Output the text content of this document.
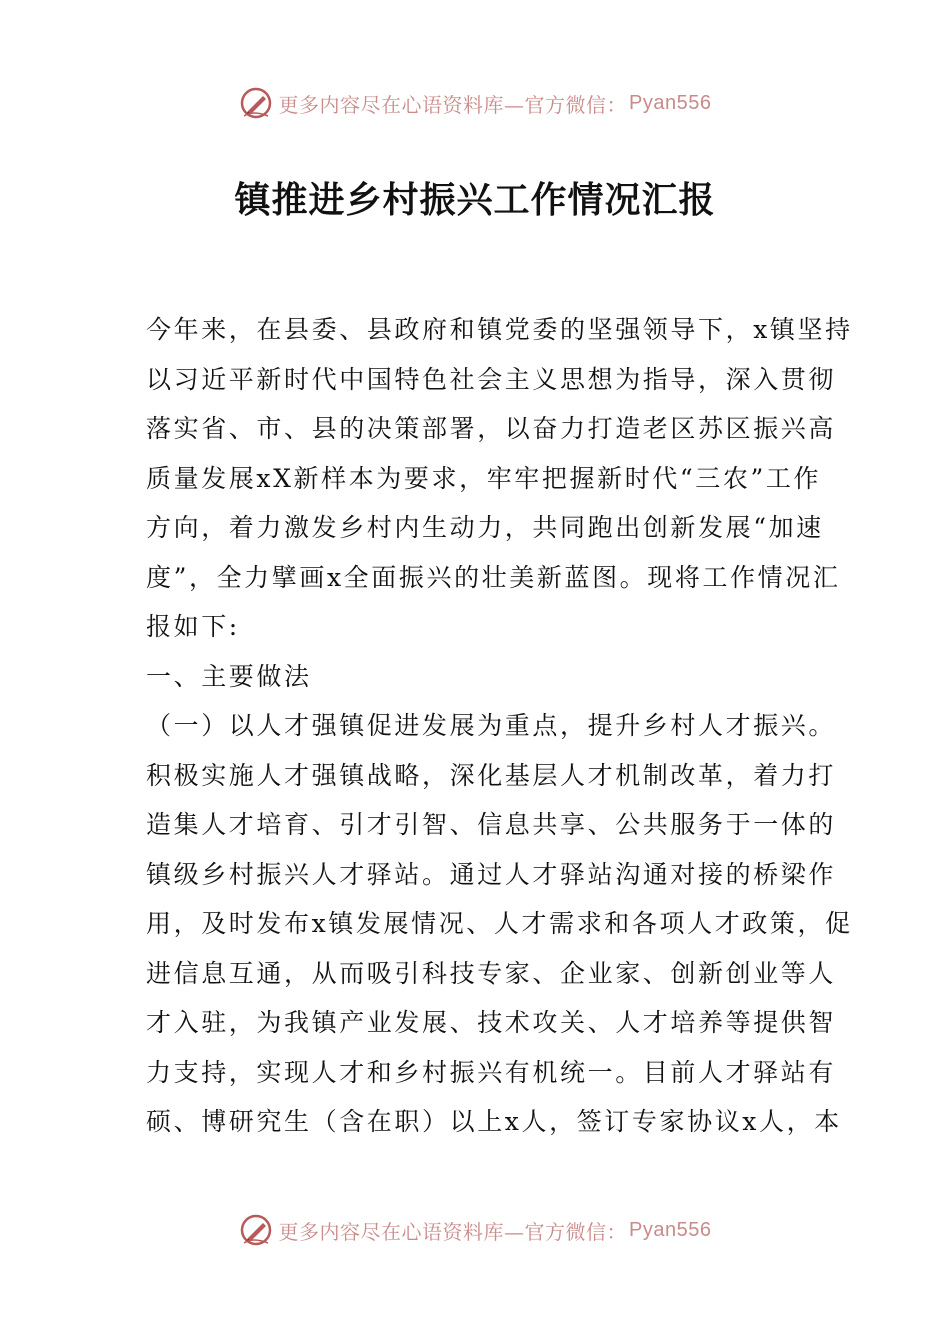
更多内容尽在心语资料库—官方微信： Pyan556
镇推进乡村振兴工作情况汇报
今年来，在县委、县政府和镇党委的坚强领导下，x镇坚持
以习近平新时代中国特色社会主义思想为指导，深入贯彻
落实省、市、县的决策部署，以奋力打造老区苏区振兴高
质量发展xX新样本为要求，牢牢把握新时代“三农”工作
方向，着力激发乡村内生动力，共同跑出创新发展“加速
度”，全力擘画x全面振兴的壮美新蓝图。现将工作情况汇
报如下:
一、主要做法
（一）以人才强镇促进发展为重点，提升乡村人才振兴。
积极实施人才强镇战略，深化基层人才机制改革，着力打
造集人才培育、引才引智、信息共享、公共服务于一体的
镇级乡村振兴人才驿站。通过人才驿站沟通对接的桥梁作
用，及时发布x镇发展情况、人才需求和各项人才政策，促
进信息互通，从而吸引科技专家、企业家、创新创业等人
才入驻，为我镇产业发展、技术攻关、人才培养等提供智
力支持，实现人才和乡村振兴有机统一。目前人才驿站有
硕、博研究生（含在职）以上x人，签订专家协议x人，本
更多内容尽在心语资料库—官方微信： Pyan556
